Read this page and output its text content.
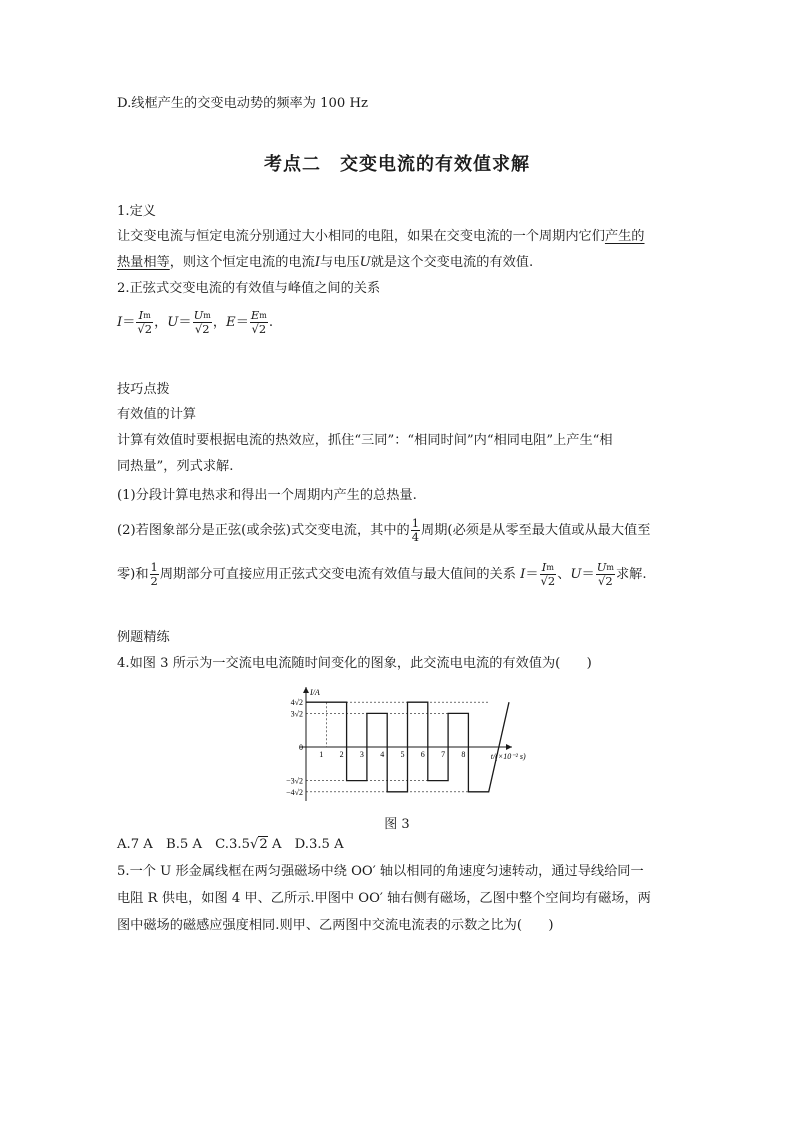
D.线框产生的交变电动势的频率为 100 Hz
考点二　交变电流的有效值求解
1.定义
让交变电流与恒定电流分别通过大小相同的电阻，如果在交变电流的一个周期内它们产生的
热量相等，则这个恒定电流的电流I与电压U就是这个交变电流的有效值.
2.正弦式交变电流的有效值与峰值之间的关系
$I= \frac{I^m}{√2}$ ，$U= \frac{U^m}{√2}$ ，$E= \frac{E^m}{√2}$ .
技巧点拨
有效值的计算
计算有效值时要根据电流的热效应，抓住“三同”：“相同时间”内“相同电阻”上产生“相
同热量”，列式求解.
(1)分段计算电热求和得出一个周期内产生的总热量.
(2)若图象部分是正弦(或余弦)式交变电流，其中的 $\frac{1}{4}$ 周期(必须是从零至最大值或从最大值至
零)和 $\frac{1}{2}$ 周期部分可直接应用正弦式交变电流有效值与最大值间的关系 $I= \frac{I^m}{√2}$ 、$U= \frac{U^m}{√2}$ 求解.
例题精练
4.如图 3 所示为一交流电电流随时间变化的图象，此交流电电流的有效值为(　　)
4√2
3√2
0
−3√2
−4√2
1 2 3 4 5 6 7 8
I/A
t/(×10⁻² s)
图 3
A.7 A　B.5 A　C.3.5√2 A　D.3.5 A
5.一个 U 形金属线框在两匀强磁场中绕 OO′ 轴以相同的角速度匀速转动，通过导线给同一
电阻 R 供电，如图 4 甲、乙所示.甲图中 OO′ 轴右侧有磁场，乙图中整个空间均有磁场，两
图中磁场的磁感应强度相同.则甲、乙两图中交流电流表的示数之比为(　　)
